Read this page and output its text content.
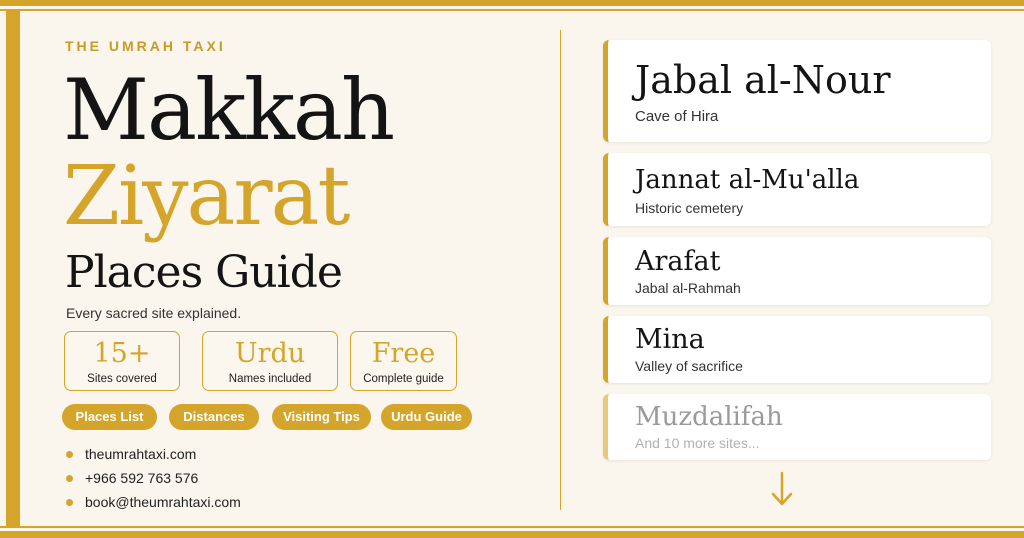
THE UMRAH TAXI
Makkah
Ziyarat
Places Guide
Every sacred site explained.
15+
Sites covered
Urdu
Names included
Free
Complete guide
Places List	Distances	Visiting Tips	Urdu Guide
theumrahtaxi.com
+966 592 763 576
book@theumrahtaxi.com
Jabal al-Nour
Cave of Hira
Jannat al-Mu'alla
Historic cemetery
Arafat
Jabal al-Rahmah
Mina
Valley of sacrifice
Muzdalifah
And 10 more sites...
